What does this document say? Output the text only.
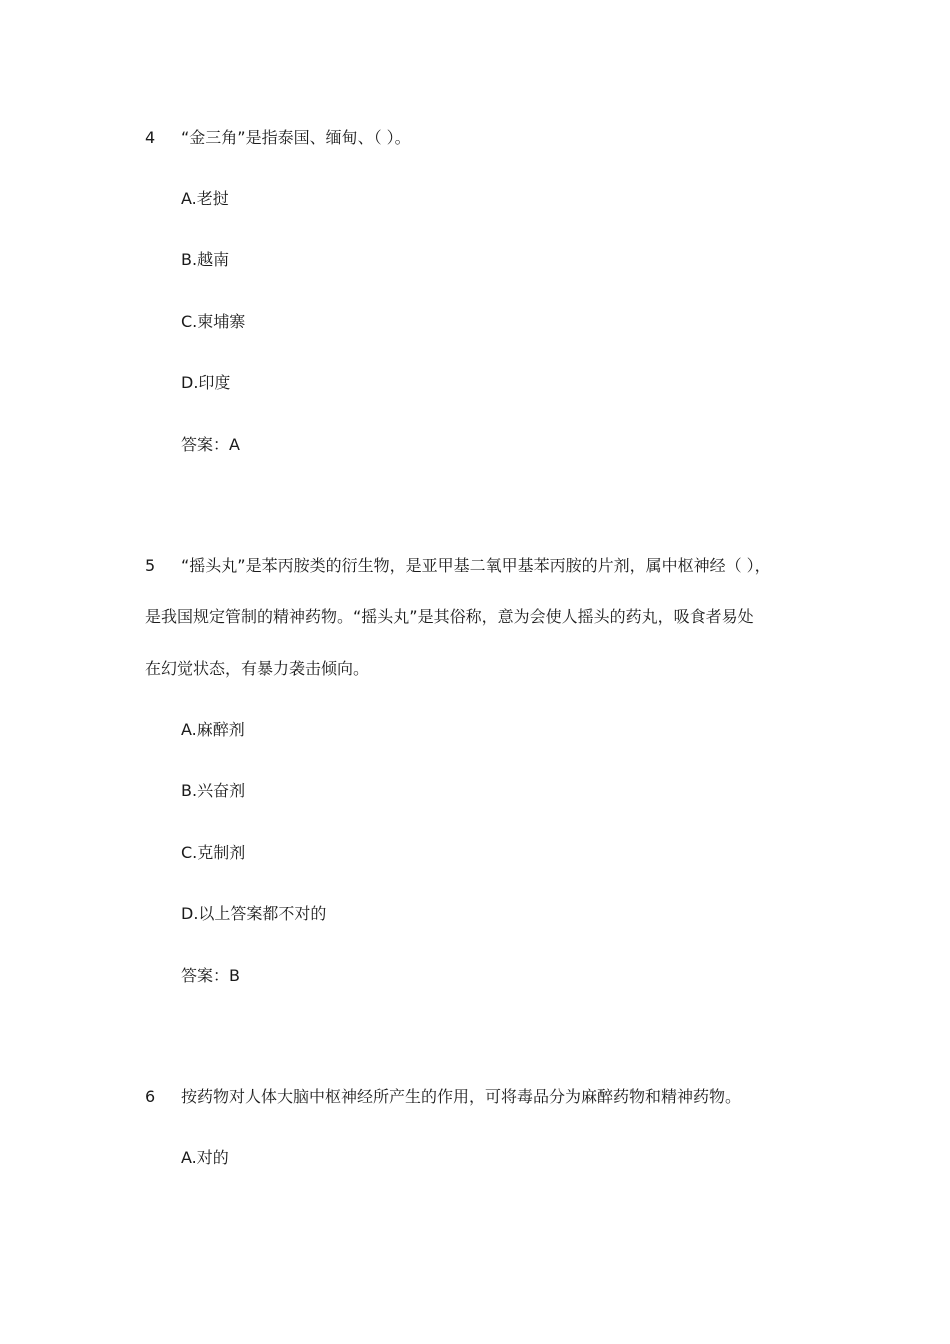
4 “金三角”是指泰国、缅甸、（ ）。
A.老挝
B.越南
C.柬埔寨
D.印度
答案：A
5 “摇头丸”是苯丙胺类的衍生物，是亚甲基二氧甲基苯丙胺的片剂，属中枢神经（ ），
是我国规定管制的精神药物。“摇头丸”是其俗称，意为会使人摇头的药丸，吸食者易处
在幻觉状态，有暴力袭击倾向。
A.麻醉剂
B.兴奋剂
C.克制剂
D.以上答案都不对的
答案：B
6 按药物对人体大脑中枢神经所产生的作用，可将毒品分为麻醉药物和精神药物。
A.对的
